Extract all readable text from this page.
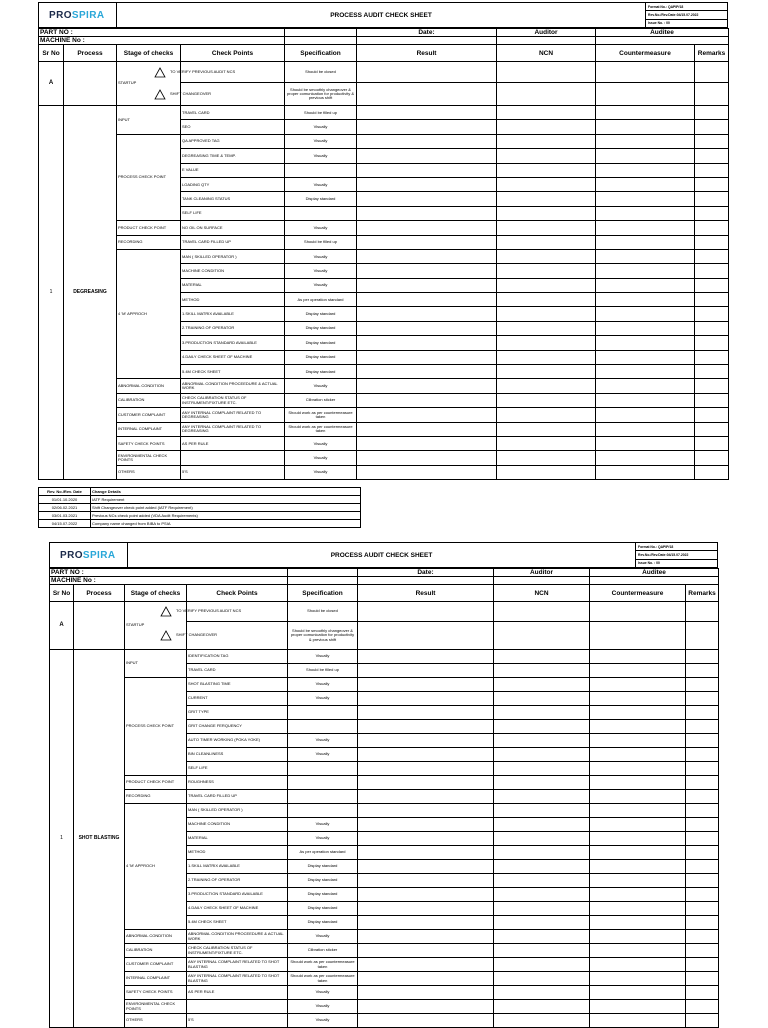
PROSPIRA	PROCESS AUDIT CHECK SHEET
Format No.: QAPIP/18
Rev.No./Rev.Date:04/15.07.2022
Issue No. : 00
PART NO :					Date:	Auditor	Auditee	
MACHINE No :								
Sr No	Process	Stage of checks	Check Points	Specification	Result	NCN	Countermeasure	Remarks
A		STARTUP	TO VERIFY PREVIOUS AUDIT NCS	Should be closed				

			SHIFT CHANGEOVER	Should be smoothly changeover & proper comunication for productivity & previous shift				
1	DEGREASING	INPUT	TRAVEL CARD	Should be filled up				
			SEO	Visually				
		PROCESS CHECK POINT	QA APPROVED TAG	Visually				
			DEGREASING TIME & TEMP.	Visually				
			E VALUE					
			LOADING QTY	Visually				
			TANK CLEANING STATUS	Display standard				
			SELF LIFE					
		PRODUCT CHECK POINT	NO OIL ON SURFACE	Visually				
		RECORDING	TRAVEL CARD FILLED UP	Should be filled up				
		4 'M' APPROCH	MAN ( SKILLED OPERATOR )	Visually				
			MACHINE CONDITION	Visually				
			MATERIAL	Visually				
			METHOD	As per operation standard				
			1.SKILL MATRIX AVAILABLE	Display standard				
			2.TRAINING OF OPERATOR	Display standard				
			3.PRODUCTION STANDARD AVAILABLE	Display standard				
			4.DAILY CHECK SHEET OF MACHINE	Display standard				
			5.4M CHECK SHEET	Display standard				
		ABNORMAL CONDITION	ABNORMAL CONDITION PROCEEDURE & ACTUAL WORK	Visually				
		CALIBRATION	CHECK CALIBRATION STATUS OF INSTRUMENT/FIXTURE ETC.	Clibration sticker				
		CUSTOMER COMPLAINT	ANY INTERNAL COMPLAINT RELATED TO DEGREASING	Should work as per countermeasure taken				
		INTERNAL COMPLAINT	ANY INTERNAL COMPLAINT RELATED TO DEGREASING	Should work as per countermeasure taken				
		SAFETY CHECK POINTS	AS PER RULE	Visually				
		ENVIRONMENTAL CHECK POINTS		Visually				
		OTHERS	5'S	Visually				
Rev. No./Rev. Date	Change Details
01/01.10.2020	IATF Requirement
02/06.02.2021	Shift Changeover check point added (IATF Requirement)
03/01.03.2021	Previous NCs check point added (VDA Audit Requirements)
04/15.07.2022	Company name changed from BIBA to PSIA
PROSPIRA	PROCESS AUDIT CHECK SHEET
Format No.: QAPIP/18
Rev.No./Rev.Date:04/15.07.2022
Issue No. : 00
PART NO :					Date:	Auditor	Auditee	
MACHINE No :								
Sr No	Process	Stage of checks	Check Points	Specification	Result	NCN	Countermeasure	Remarks
A		STARTUP	TO VERIFY PREVIOUS AUDIT NCS	Should be closed				

			SHIFT CHANGEOVER	Should be smoothly changeover & proper comunication for productivity & previous shift				
1	SHOT BLASTING	INPUT	IDENTIFICATION TAG	Visually				
			TRAVEL CARD	Should be filled up				
		PROCESS CHECK POINT	SHOT BLASTING TIME	Visually				
			CURRENT	Visually				
			GRIT TYPE					
			GRIT CHANGE FERQUENCY					
			AUTO TIMER WORKING (POKA YOKE)	Visually				
			BIN CLEANLINESS	Visually				
			SELF LIFE					
		PRODUCT CHECK POINT	ROUGHNESS					
		RECORDING	TRAVEL CARD FILLED UP					
		4 'M' APPROCH	MAN ( SKILLED OPERATOR )					
			MACHINE CONDITION	Visually				
			MATERIAL	Visually				
			METHOD	As per operation standard				
			1.SKILL MATRIX AVAILABLE	Display standard				
			2.TRAINING OF OPERATOR	Display standard				
			3.PRODUCTION STANDARD AVAILABLE	Display standard				
			4.DAILY CHECK SHEET OF MACHINE	Display standard				
			5.4M CHECK SHEET	Display standard				
		ABNORMAL CONDITION	ABNORMAL CONDITION PROCEEDURE & ACTUAL WORK	Visually				
		CALIBRATION	CHECK CALIBRATION STATUS OF INSTRUMENT/FIXTURE ETC.	Clibration sticker				
		CUSTOMER COMPLAINT	ANY INTERNAL COMPLAINT RELATED TO SHOT BLASTING	Should work as per countermeasure taken				
		INTERNAL COMPLAINT	ANY INTERNAL COMPLAINT RELATED TO SHOT BLASTING	Should work as per countermeasure taken				
		SAFETY CHECK POINTS	AS PER RULE	Visually				
		ENVIRONMENTAL CHECK POINTS		Visually				
		OTHERS	5'S	Visually				
